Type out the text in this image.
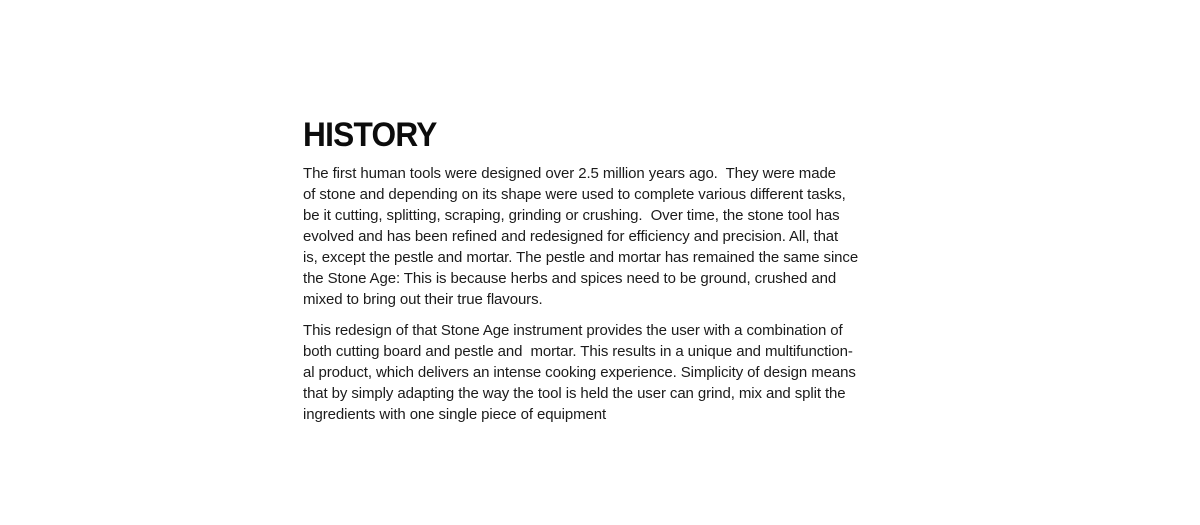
HISTORY
The first human tools were designed over 2.5 million years ago.  They were made
of stone and depending on its shape were used to complete various different tasks,
be it cutting, splitting, scraping, grinding or crushing.  Over time, the stone tool has
evolved and has been refined and redesigned for efficiency and precision. All, that
is, except the pestle and mortar. The pestle and mortar has remained the same since
the Stone Age: This is because herbs and spices need to be ground, crushed and
mixed to bring out their true flavours.
This redesign of that Stone Age instrument provides the user with a combination of
both cutting board and pestle and  mortar. This results in a unique and multifunction-
al product, which delivers an intense cooking experience. Simplicity of design means
that by simply adapting the way the tool is held the user can grind, mix and split the
ingredients with one single piece of equipment
